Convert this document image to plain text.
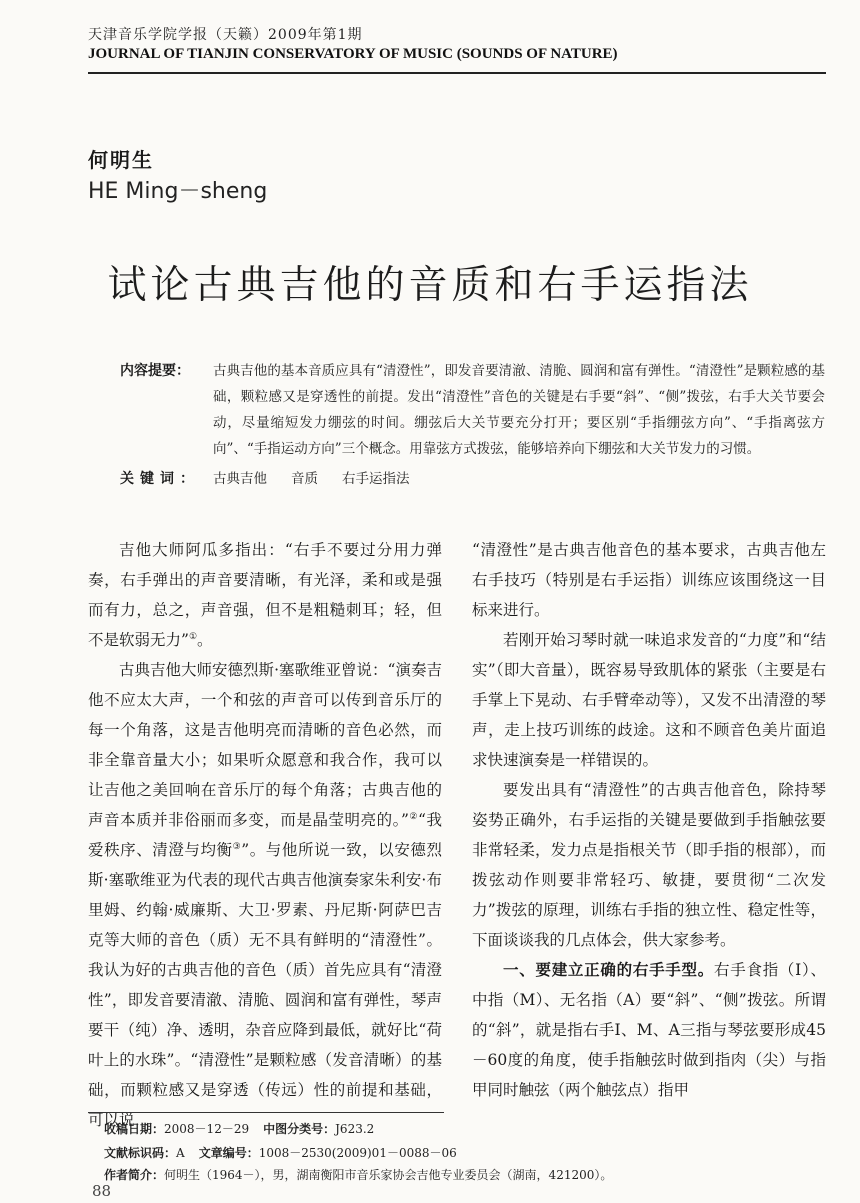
天津音乐学院学报（天籁）2009年第1期
JOURNAL OF TIANJIN CONSERVATORY OF MUSIC (SOUNDS OF NATURE)
何明生
HE Ming－sheng
试论古典吉他的音质和右手运指法
内容提要：	古典吉他的基本音质应具有“清澄性”，即发音要清澈、清脆、圆润和富有弹性。“清澄性”是颗粒感的基础，颗粒感又是穿透性的前提。发出“清澄性”音色的关键是右手要“斜”、“侧”拨弦，右手大关节要会动，尽量缩短发力绷弦的时间。绷弦后大关节要充分打开；要区别“手指绷弦方向”、“手指离弦方向”、“手指运动方向”三个概念。用靠弦方式拨弦，能够培养向下绷弦和大关节发力的习惯。
关键词： 古典吉他 音质 右手运指法

吉他大师阿瓜多指出：“右手不要过分用力弹奏，右手弹出的声音要清晰，有光泽，柔和或是强而有力，总之，声音强，但不是粗糙刺耳；轻，但不是软弱无力”①。

古典吉他大师安德烈斯·塞歌维亚曾说：“演奏吉他不应太大声，一个和弦的声音可以传到音乐厅的每一个角落，这是吉他明亮而清晰的音色必然，而非全靠音量大小；如果听众愿意和我合作，我可以让吉他之美回响在音乐厅的每个角落；古典吉他的声音本质并非俗丽而多变，而是晶莹明亮的。”②“我爱秩序、清澄与均衡③”。与他所说一致，以安德烈斯·塞歌维亚为代表的现代古典吉他演奏家朱利安·布里姆、约翰·威廉斯、大卫·罗素、丹尼斯·阿萨巴吉克等大师的音色（质）无不具有鲜明的“清澄性”。我认为好的古典吉他的音色（质）首先应具有“清澄性”，即发音要清澈、清脆、圆润和富有弹性，琴声要干（纯）净、透明，杂音应降到最低，就好比“荷叶上的水珠”。“清澄性”是颗粒感（发音清晰）的基础，而颗粒感又是穿透（传远）性的前提和基础，可以说

“清澄性”是古典吉他音色的基本要求，古典吉他左右手技巧（特别是右手运指）训练应该围绕这一目标来进行。

若刚开始习琴时就一味追求发音的“力度”和“结实”（即大音量），既容易导致肌体的紧张（主要是右手掌上下晃动、右手臂牵动等），又发不出清澄的琴声，走上技巧训练的歧途。这和不顾音色美片面追求快速演奏是一样错误的。

要发出具有“清澄性”的古典吉他音色，除持琴姿势正确外，右手运指的关键是要做到手指触弦要非常轻柔，发力点是指根关节（即手指的根部），而拨弦动作则要非常轻巧、敏捷，要贯彻“二次发力”拨弦的原理，训练右手指的独立性、稳定性等，下面谈谈我的几点体会，供大家参考。

一、要建立正确的右手手型。右手食指（I）、中指（M）、无名指（A）要“斜”、“侧”拨弦。所谓的“斜”，就是指右手I、M、A三指与琴弦要形成45－60度的角度，使手指触弦时做到指肉（尖）与指甲同时触弦（两个触弦点）指甲

收稿日期：2008－12－29 中图分类号：J623.2
文献标识码：A 文章编号：1008－2530(2009)01－0088－06
作者简介：何明生（1964－），男，湖南衡阳市音乐家协会吉他专业委员会（湖南，421200）。
88
